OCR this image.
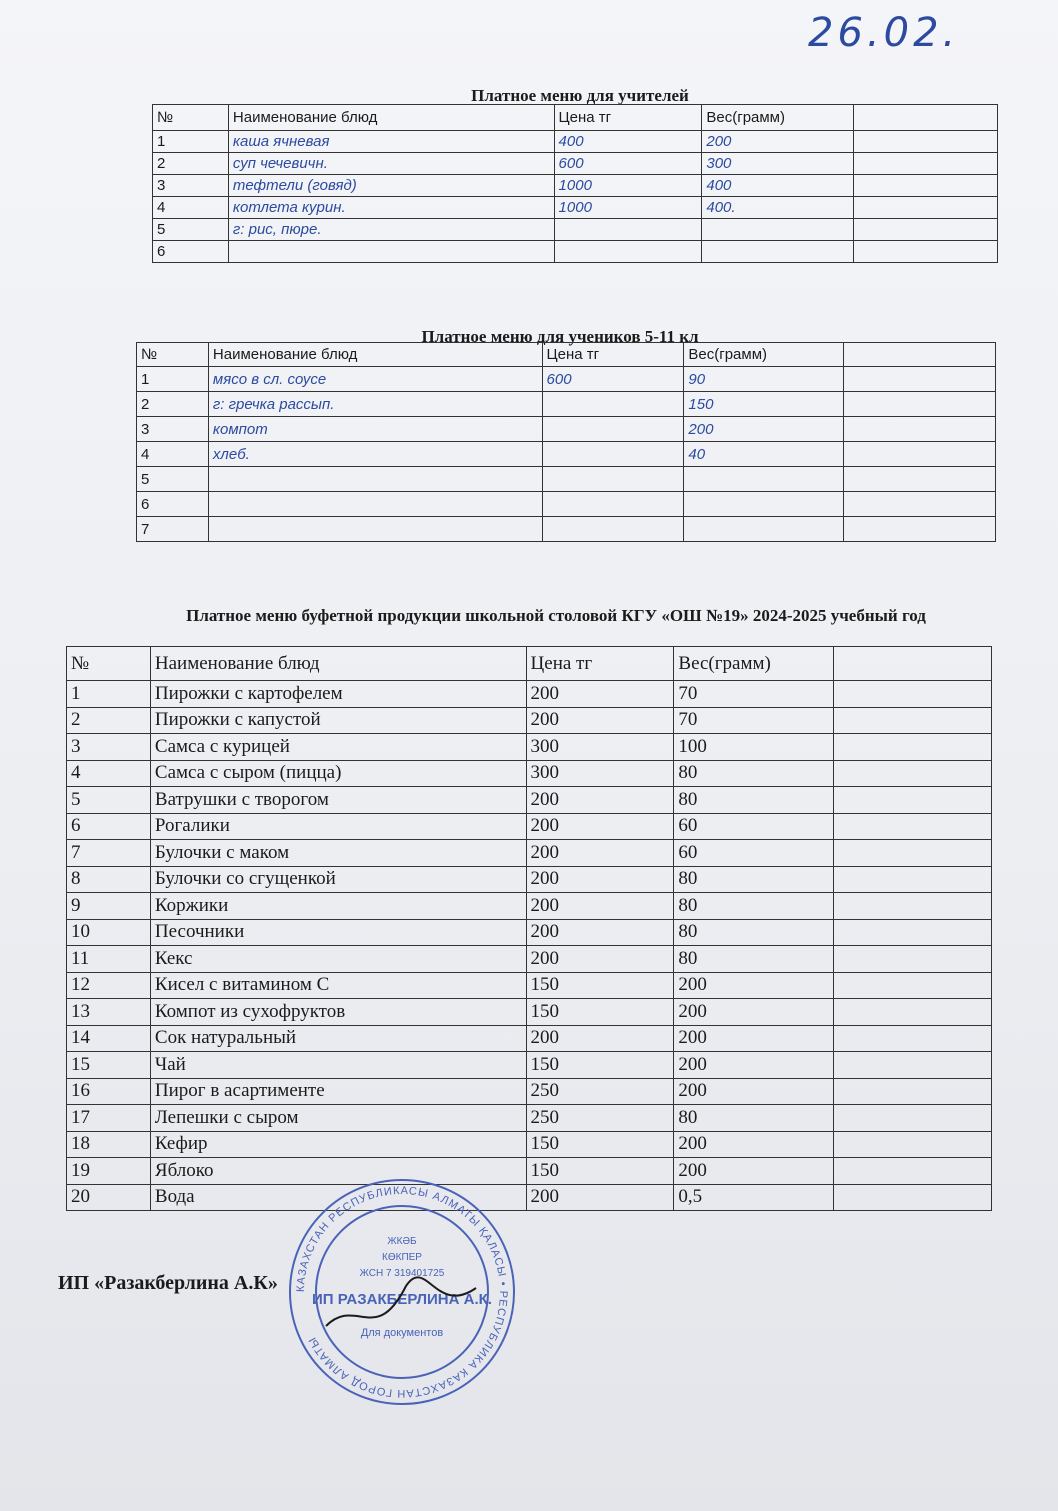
26.02.
Платное меню для учителей
№	Наименование блюд	Цена тг	Вес(грамм)	
1	каша ячневая	400	200	
2	суп чечевичн.	600	300	
3	тефтели (говяд)	1000	400	
4	котлета курин.	1000	400.	
5	г: рис, пюре.			
6				
Платное меню для учеников 5-11 кл
№	Наименование блюд	Цена тг	Вес(грамм)	
1	мясо в сл. соусе	600	90	
2	г: гречка рассып.		150	
3	компот		200	
4	хлеб.		40	
5				
6				
7				
Платное меню буфетной продукции школьной столовой КГУ «ОШ №19» 2024-2025 учебный год
№	Наименование блюд	Цена тг	Вес(грамм)	
1	Пирожки с картофелем	200	70	
2	Пирожки с капустой	200	70	
3	Самса с курицей	300	100	
4	Самса с сыром (пицца)	300	80	
5	Ватрушки с творогом	200	80	
6	Рогалики	200	60	
7	Булочки с маком	200	60	
8	Булочки со сгущенкой	200	80	
9	Коржики	200	80	
10	Песочники	200	80	
11	Кекс	200	80	
12	Кисел с витамином С	150	200	
13	Компот из сухофруктов	150	200	
14	Сок натуральный	200	200	
15	Чай	150	200	
16	Пирог в асартименте	250	200	
17	Лепешки с сыром	250	80	
18	Кефир	150	200	
19	Яблоко	150	200	
20	Вода	200	0,5	
ИП «Разакберлина А.К» КАЗАХСТАН РЕСПУБЛИКАСЫ АЛМАТЫ ҚАЛАСЫ • РЕСПУБЛИКА КАЗАХСТАН ГОРОД АЛМАТЫ
ЖКӘБ
КӨКПЕР
ЖСН 7 319401725
ИП РАЗАКБЕРЛИНА А.К.
Для документов
